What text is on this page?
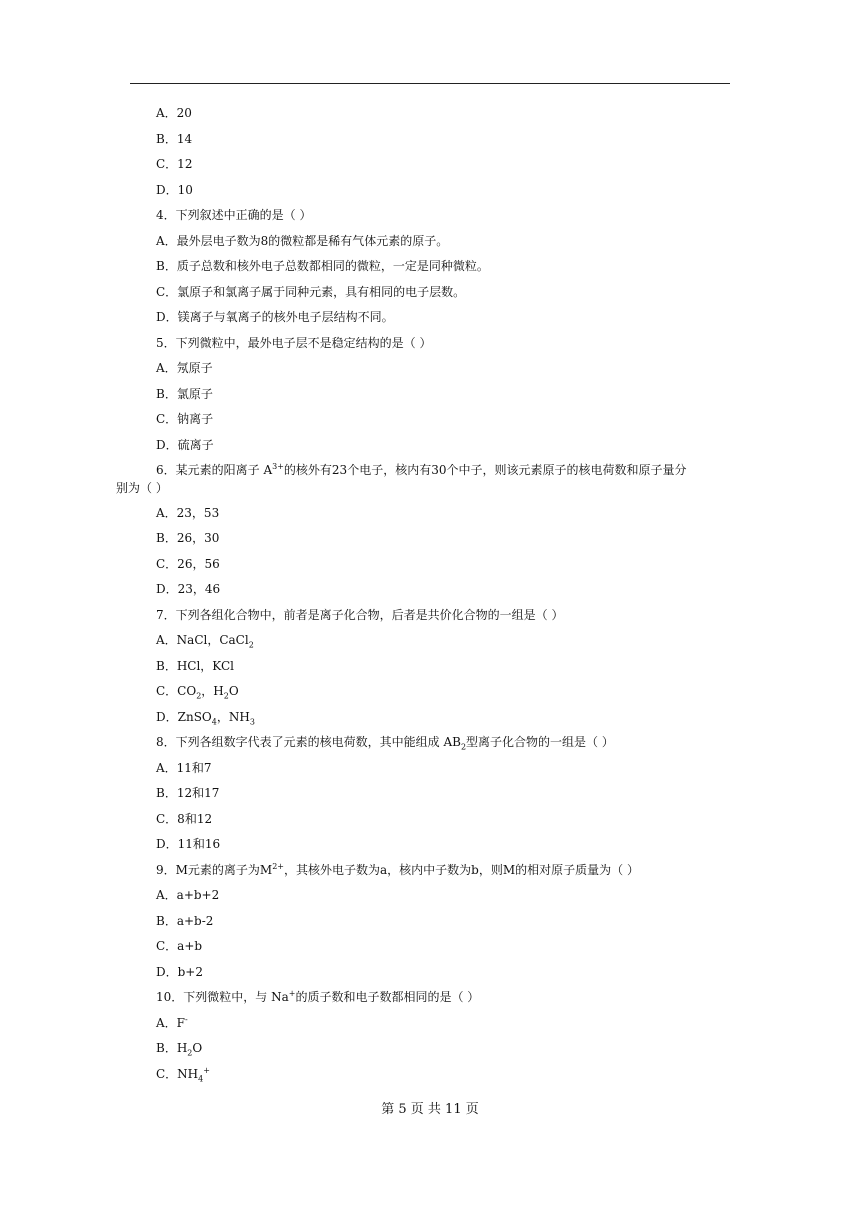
A．20
B．14
C．12
D．10
4．下列叙述中正确的是（ ）
A．最外层电子数为8的微粒都是稀有气体元素的原子。
B．质子总数和核外电子总数都相同的微粒，一定是同种微粒。
C．氯原子和氯离子属于同种元素，具有相同的电子层数。
D．镁离子与氧离子的核外电子层结构不同。
5．下列微粒中，最外电子层不是稳定结构的是（ ）
A．氖原子
B．氯原子
C．钠离子
D．硫离子
6．某元素的阳离子 $A^{3+}$的核外有23个电子，核内有30个中子，则该元素原子的核电荷数和原子量分
别为（ ）
A．23，53
B．26，30
C．26，56
D．23，46
7．下列各组化合物中，前者是离子化合物，后者是共价化合物的一组是（ ）
A．NaCl，CaCl$_2$
B．HCl，KCl
C．$CO_2$，$H_2O$
D．ZnSO$_4$，$NH_3$
8．下列各组数字代表了元素的核电荷数，其中能组成 $AB_2$型离子化合物的一组是（ ）
A．11和7
B．12和17
C．8和12
D．11和16
9．M元素的离子为$M^{2+}$，其核外电子数为a，核内中子数为b，则M的相对原子质量为（ ）
A．a+b+2
B．a+b-2
C．a+b
D．b+2
10．下列微粒中，与 Na+的质子数和电子数都相同的是（ ）
A．F-
B．$H_2O$
C．$NH_4^+$
第 5 页 共 11 页
